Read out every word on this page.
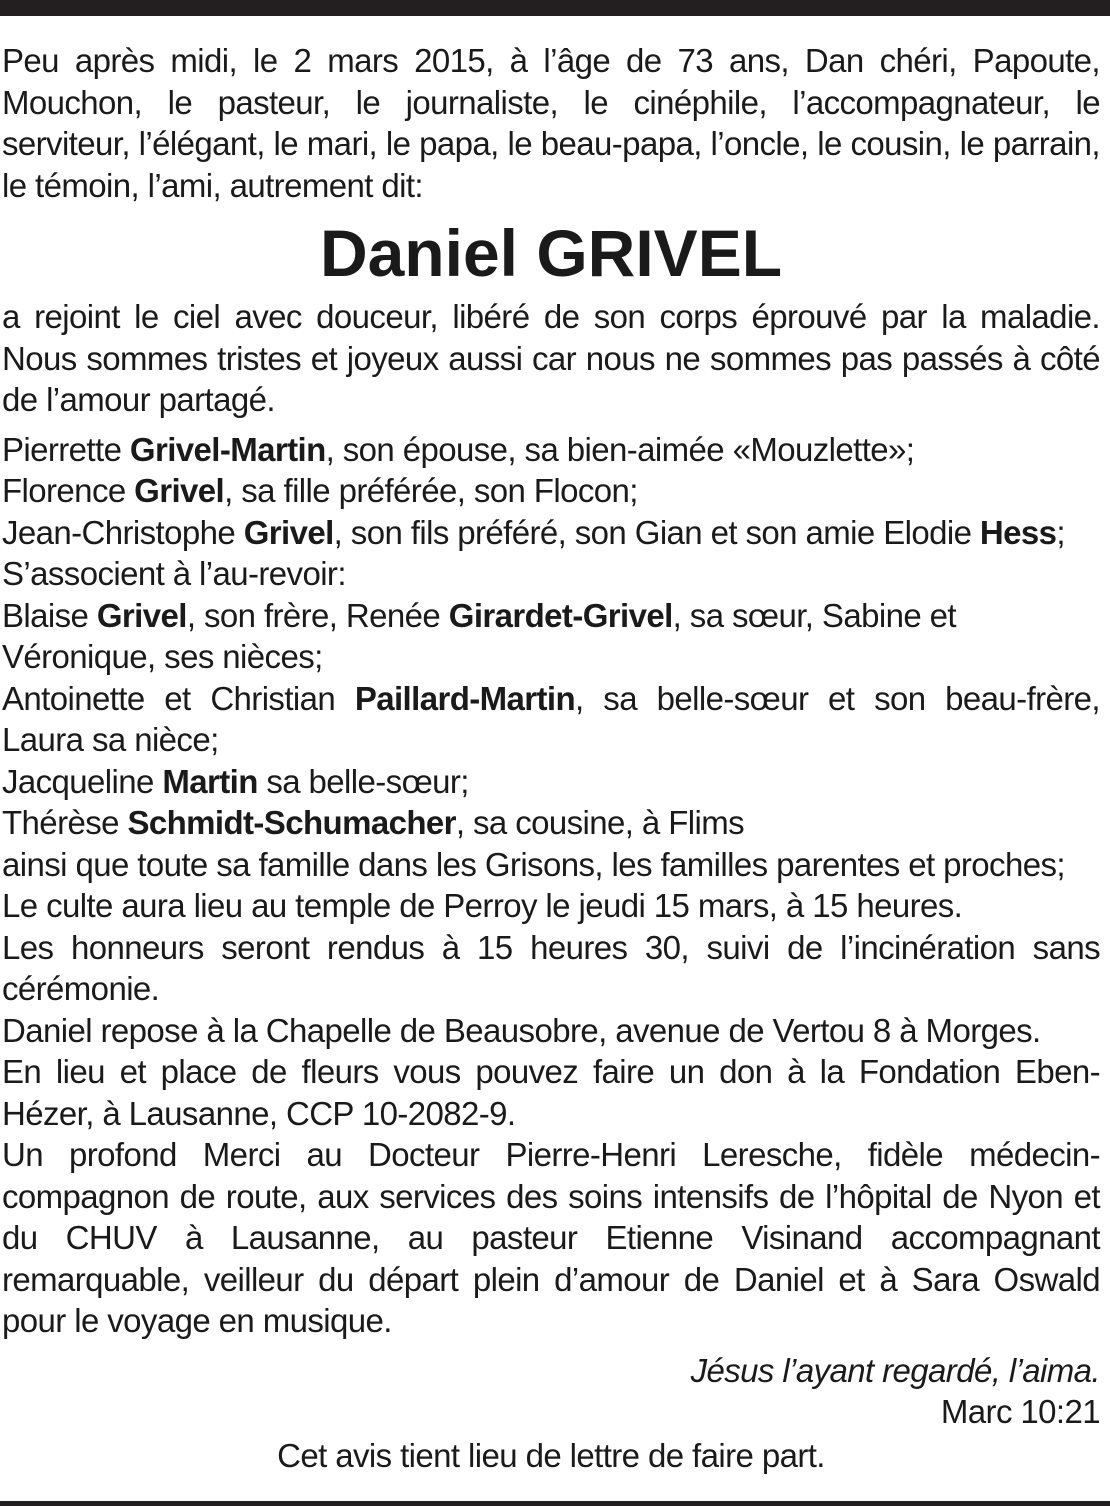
Peu après midi, le 2 mars 2015, à l’âge de 73 ans, Dan chéri, Papoute, Mouchon, le pasteur, le journaliste, le cinéphile, l’accompagnateur, le serviteur, l’élégant, le mari, le papa, le beau-papa, l’oncle, le cousin, le parrain, le témoin, l’ami, autrement dit:

Daniel GRIVEL

a rejoint le ciel avec douceur, libéré de son corps éprouvé par la maladie. Nous sommes tristes et joyeux aussi car nous ne sommes pas passés à côté de l’amour partagé.

Pierrette Grivel-Martin, son épouse, sa bien-aimée «Mouzlette»;

Florence Grivel, sa fille préférée, son Flocon;

Jean-Christophe Grivel, son fils préféré, son Gian et son amie Elodie Hess;

S’associent à l’au-revoir:

Blaise Grivel, son frère, Renée Girardet-Grivel, sa sœur, Sabine et Véronique, ses nièces;

Antoinette et Christian Paillard-Martin, sa belle-sœur et son beau-frère, Laura sa nièce;

Jacqueline Martin sa belle-sœur;

Thérèse Schmidt-Schumacher, sa cousine, à Flims

ainsi que toute sa famille dans les Grisons, les familles parentes et proches;

Le culte aura lieu au temple de Perroy le jeudi 15 mars, à 15 heures.

Les honneurs seront rendus à 15 heures 30, suivi de l’incinération sans cérémonie.

Daniel repose à la Chapelle de Beausobre, avenue de Vertou 8 à Morges.

En lieu et place de fleurs vous pouvez faire un don à la Fondation Eben-Hézer, à Lausanne, CCP 10-2082-9.

Un profond Merci au Docteur Pierre-Henri Leresche, fidèle médecin-compagnon de route, aux services des soins intensifs de l’hôpital de Nyon et du CHUV à Lausanne, au pasteur Etienne Visinand accompagnant remarquable, veilleur du départ plein d’amour de Daniel et à Sara Oswald pour le voyage en musique.

Jésus l’ayant regardé, l’aima.

Marc 10:21

Cet avis tient lieu de lettre de faire part.
